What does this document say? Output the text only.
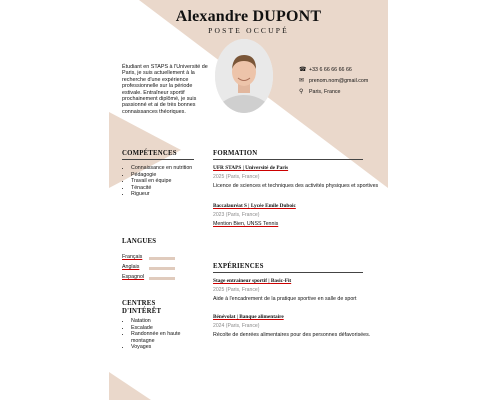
Alexandre DUPONT
POSTE OCCUPÉ
Étudiant en STAPS à l'Université de Paris, je suis actuellement à la recherche d'une expérience professionnelle sur la période estivale. Entraîneur sportif prochainement diplômé, je suis passionné et ai de très bonnes connaissances théoriques.
☎ +33 6 66 66 66 66
✉ prenom.nom@gmail.com
⚲	Paris, France
COMPÉTENCES
• Connaissance en nutrition
• Pédagogie
• Travail en équipe
• Ténacité
• Rigueur
LANGUES
Français
Anglais
Espagnol
CENTRES D'INTÉRÊT
• Natation
• Escalade
• Randonnée en haute montagne
• Voyages
FORMATION
UFR STAPS | Université de Paris
2025 (Paris, France)
Licence de sciences et techniques des activités physiques et sportives
Baccalauréat S | Lycée Emile Duboic
2023 (Paris, France)
Mention Bien, UNSS Tennis
EXPÉRIENCES
Stage entraineur sportif | Basic-Fit
2025 (Paris, France)
Aide à l'encadrement de la pratique sportive en salle de sport
Bénévolat | Banque alimentaire
2024 (Paris, France)
Récolte de denrées alimentaires pour des personnes défavorisées.
